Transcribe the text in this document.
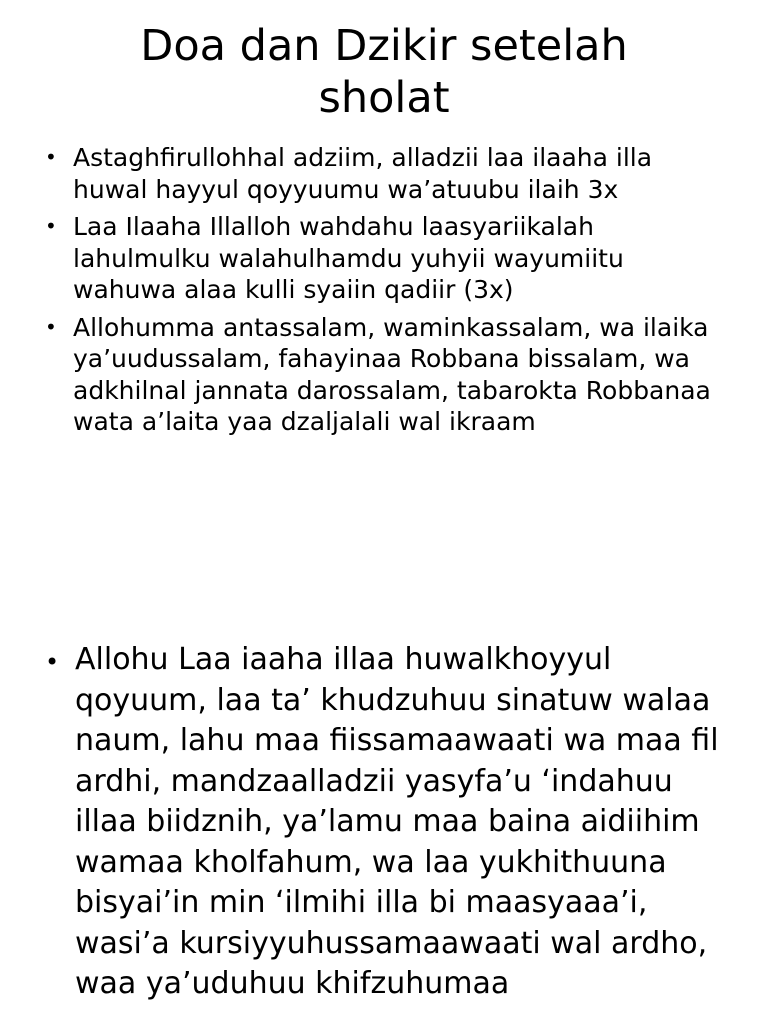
Doa dan Dzikir setelah
sholat
• Astaghfirullohhal adziim, alladzii laa ilaaha illa huwal hayyul qoyyuumu wa’atuubu ilaih 3x
• Laa Ilaaha Illalloh wahdahu laasyariikalah lahulmulku walahulhamdu yuhyii wayumiitu wahuwa alaa kulli syaiin qadiir (3x)
• Allohumma antassalam, waminkassalam, wa ilaika ya’uudussalam, fahayinaa Robbana bissalam, wa adkhilnal jannata darossalam, tabarokta Robbanaa wata a’laita yaa dzaljalali wal ikraam
• Allohu Laa iaaha illaa huwalkhoyyul qoyuum, laa ta’ khudzuhuu sinatuw walaa naum, lahu maa fiissamaawaati wa maa fil ardhi, mandzaalladzii yasyfa’u ‘indahuu illaa biidznih, ya’lamu maa baina aidiihim wamaa kholfahum, wa laa yukhithuuna bisyai’in min ‘ilmihi illa bi maasyaaa’i, wasi’a kursiyyuhussamaawaati wal ardho, waa ya’uduhuu khifzuhumaa
